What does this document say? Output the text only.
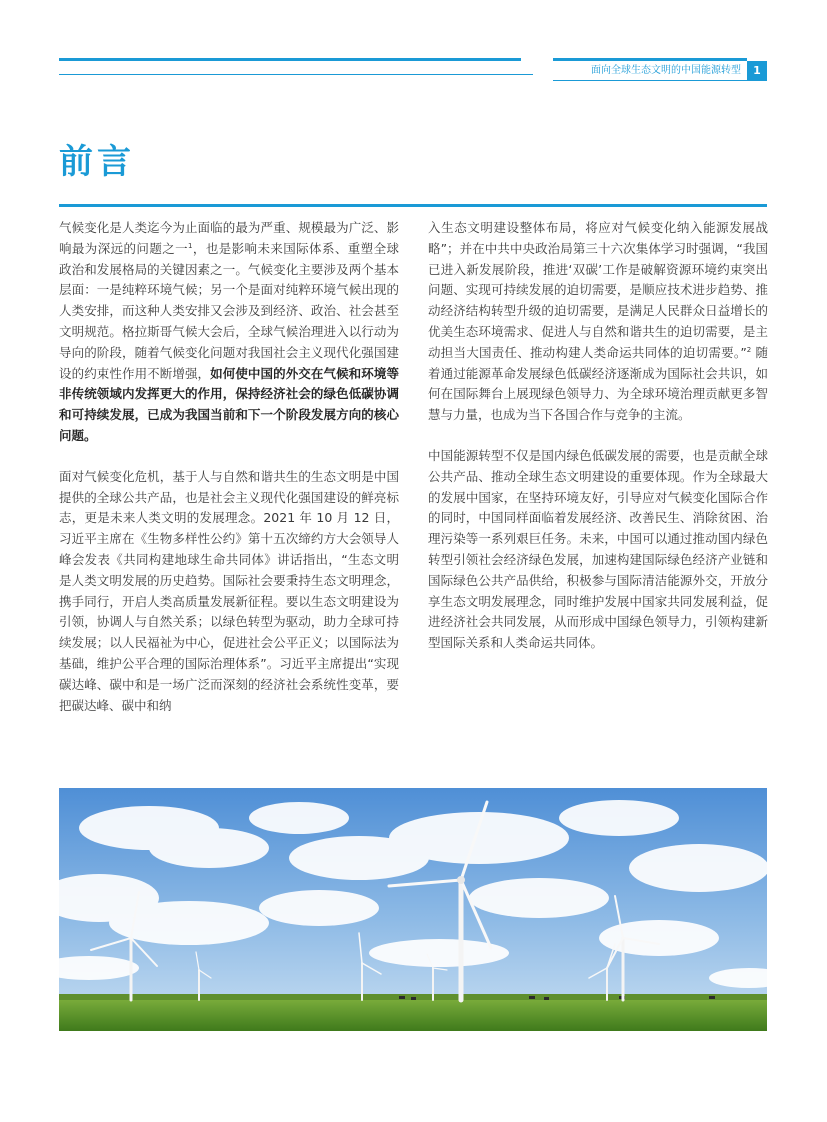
面向全球生态文明的中国能源转型	1
前言

气候变化是人类迄今为止面临的最为严重、规模最为广泛、影响最为深远的问题之一$^1$，也是影响未来国际体系、重塑全球政治和发展格局的关键因素之一。气候变化主要涉及两个基本层面：一是纯粹环境气候；另一个是面对纯粹环境气候出现的人类安排，而这种人类安排又会涉及到经济、政治、社会甚至文明规范。格拉斯哥气候大会后，全球气候治理进入以行动为导向的阶段，随着气候变化问题对我国社会主义现代化强国建设的约束性作用不断增强，如何使中国的外交在气候和环境等非传统领域内发挥更大的作用，保持经济社会的绿色低碳协调和可持续发展，已成为我国当前和下一个阶段发展方向的核心问题。

面对气候变化危机，基于人与自然和谐共生的生态文明是中国提供的全球公共产品，也是社会主义现代化强国建设的鲜亮标志，更是未来人类文明的发展理念。2021 年 10 月 12 日，习近平主席在《生物多样性公约》第十五次缔约方大会领导人峰会发表《共同构建地球生命共同体》讲话指出，“生态文明是人类文明发展的历史趋势。国际社会要秉持生态文明理念，携手同行，开启人类高质量发展新征程。要以生态文明建设为引领，协调人与自然关系；以绿色转型为驱动，助力全球可持续发展；以人民福祉为中心，促进社会公平正义；以国际法为基础，维护公平合理的国际治理体系”。习近平主席提出“实现碳达峰、碳中和是一场广泛而深刻的经济社会系统性变革，要把碳达峰、碳中和纳

入生态文明建设整体布局，将应对气候变化纳入能源发展战略”；并在中共中央政治局第三十六次集体学习时强调，“我国已进入新发展阶段，推进‘双碳’工作是破解资源环境约束突出问题、实现可持续发展的迫切需要，是顺应技术进步趋势、推动经济结构转型升级的迫切需要，是满足人民群众日益增长的优美生态环境需求、促进人与自然和谐共生的迫切需要，是主动担当大国责任、推动构建人类命运共同体的迫切需要。”$^2$ 随着通过能源革命发展绿色低碳经济逐渐成为国际社会共识，如何在国际舞台上展现绿色领导力、为全球环境治理贡献更多智慧与力量，也成为当下各国合作与竞争的主流。

中国能源转型不仅是国内绿色低碳发展的需要，也是贡献全球公共产品、推动全球生态文明建设的重要体现。作为全球最大的发展中国家，在坚持环境友好，引导应对气候变化国际合作的同时，中国同样面临着发展经济、改善民生、消除贫困、治理污染等一系列艰巨任务。未来，中国可以通过推动国内绿色转型引领社会经济绿色发展，加速构建国际绿色经济产业链和国际绿色公共产品供给，积极参与国际清洁能源外交，开放分享生态文明发展理念，同时维护发展中国家共同发展利益，促进经济社会共同发展，从而形成中国绿色领导力，引领构建新型国际关系和人类命运共同体。
